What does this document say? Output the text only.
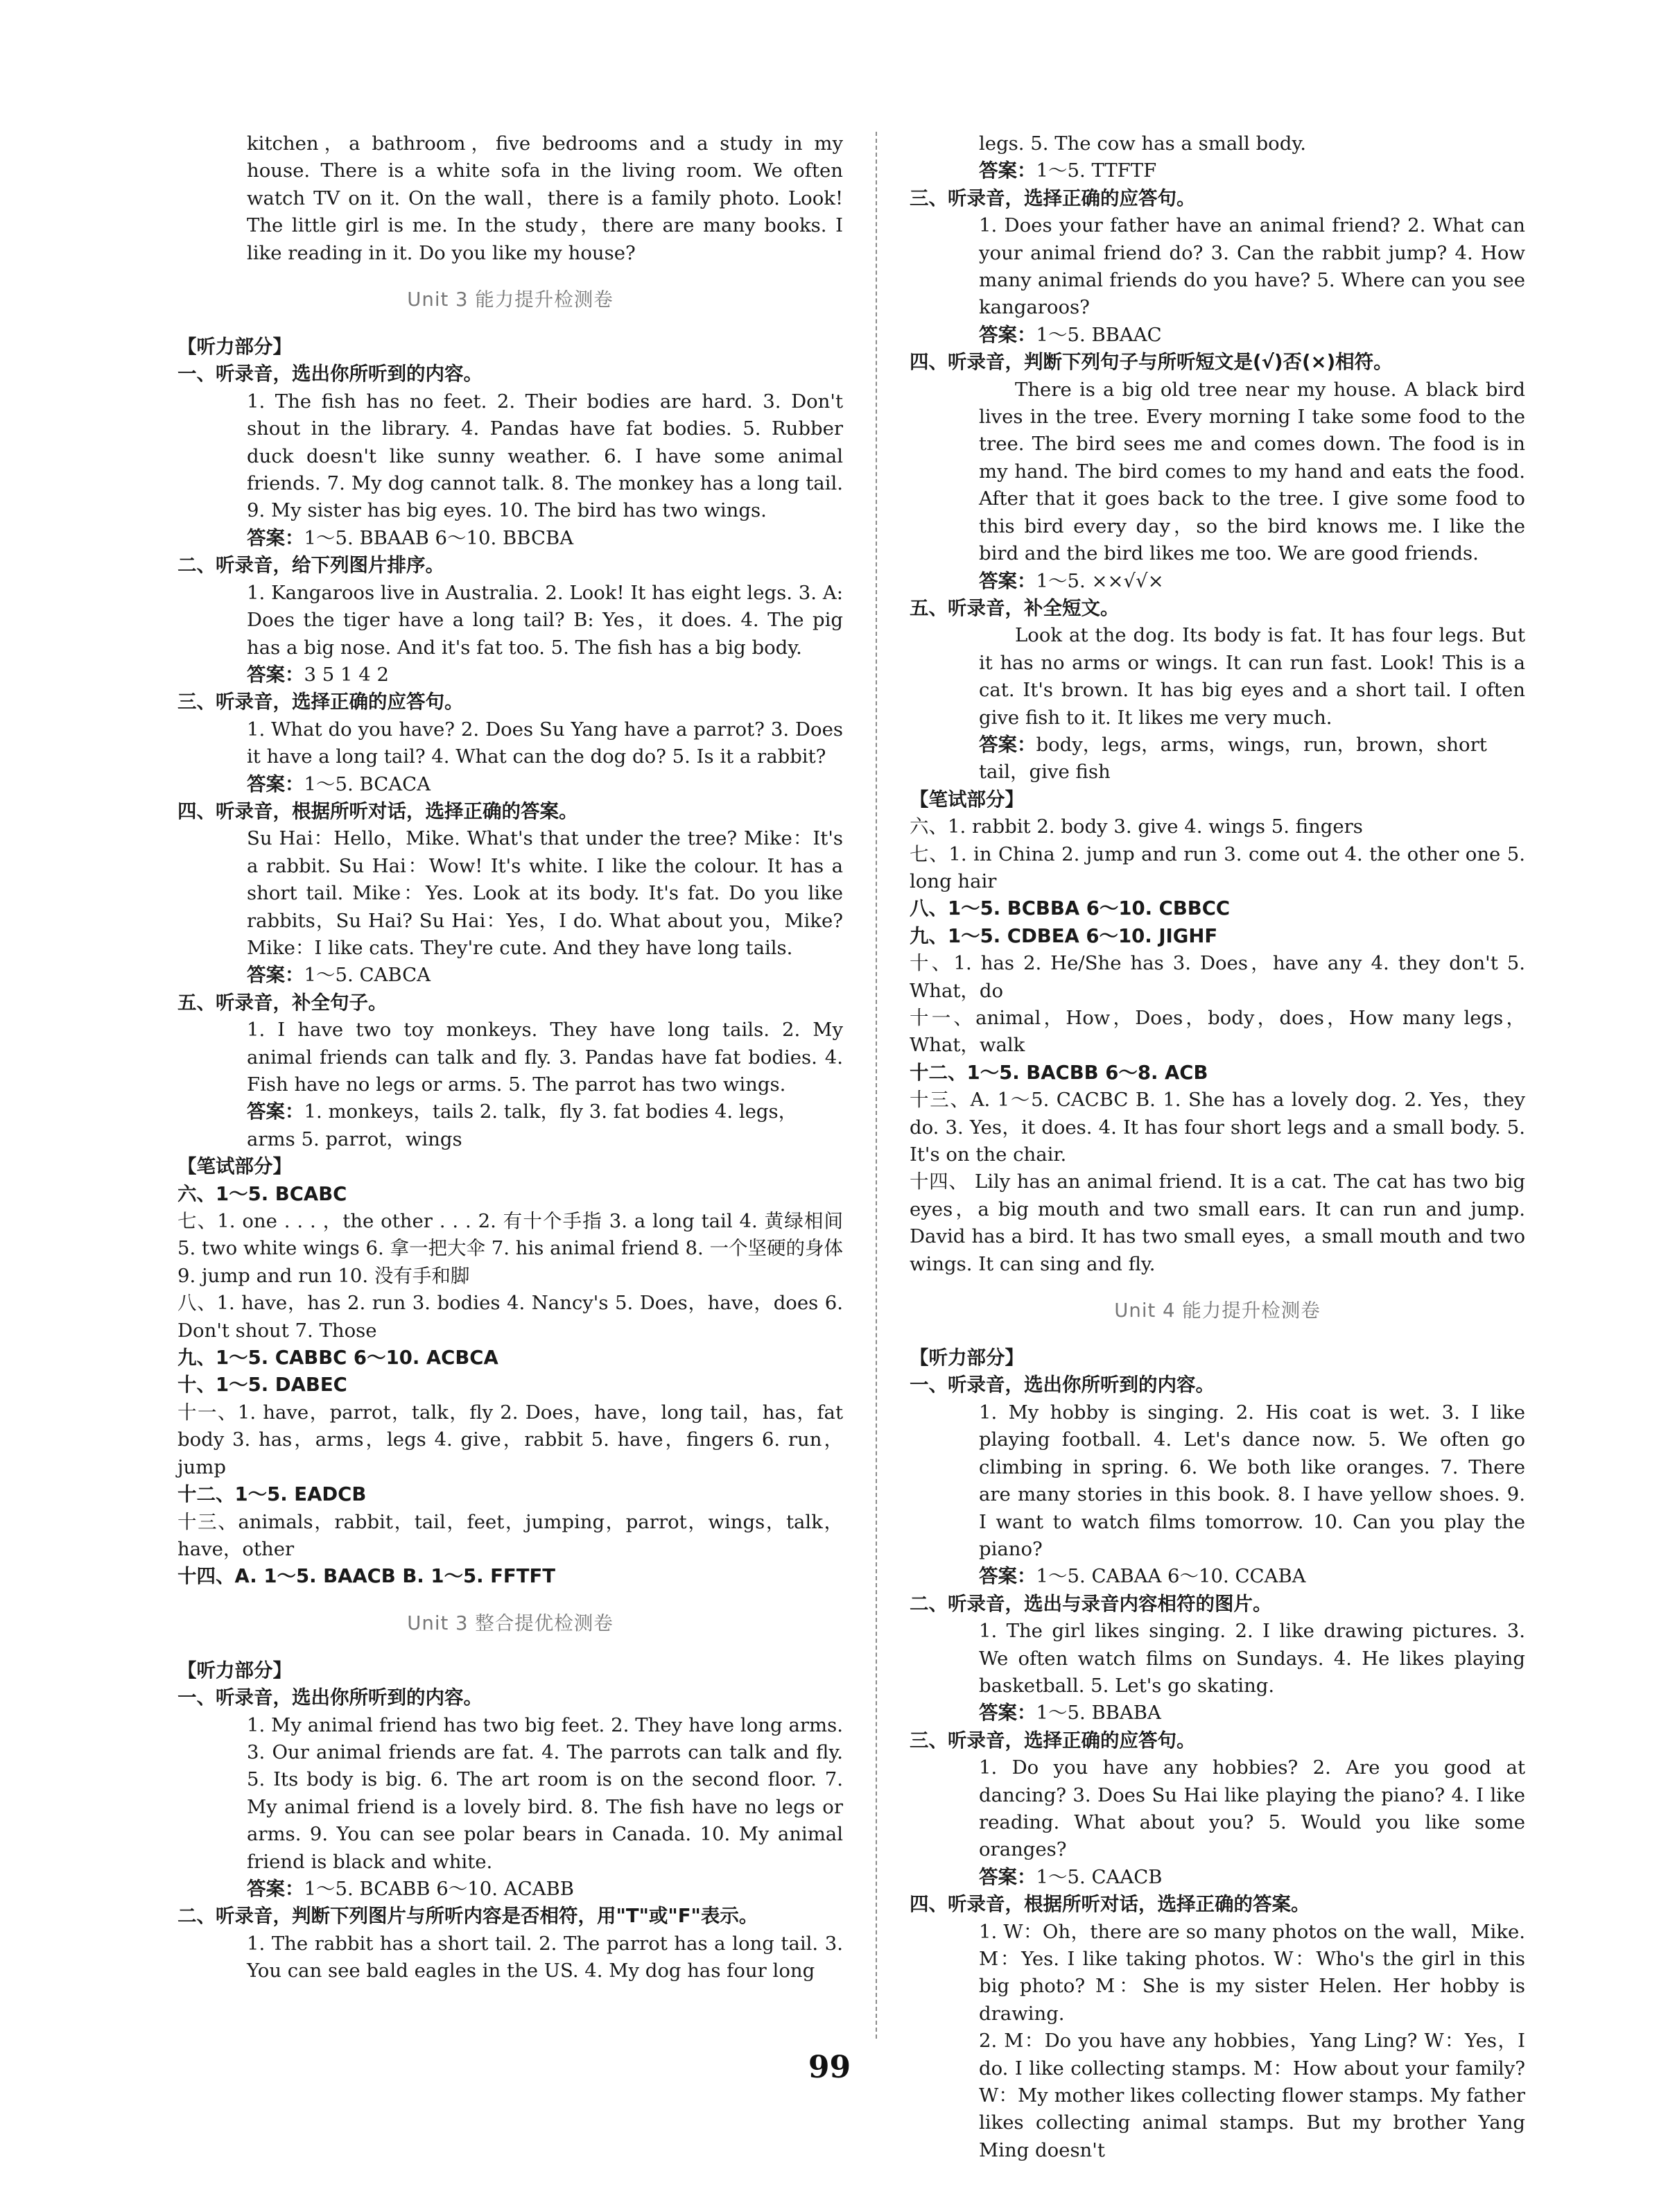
kitchen，a bathroom，five bedrooms and a study in my house. There is a white sofa in the living room. We often watch TV on it. On the wall，there is a family photo. Look! The little girl is me. In the study，there are many books. I like reading in it. Do you like my house?

Unit 3 能力提升检测卷

【听力部分】

一、听录音，选出你所听到的内容。

1. The fish has no feet. 2. Their bodies are hard. 3. Don't shout in the library. 4. Pandas have fat bodies. 5. Rubber duck doesn't like sunny weather. 6. I have some animal friends. 7. My dog cannot talk. 8. The monkey has a long tail. 9. My sister has big eyes. 10. The bird has two wings.

答案：1～5. BBAAB 6～10. BBCBA

二、听录音，给下列图片排序。

1. Kangaroos live in Australia. 2. Look! It has eight legs. 3. A: Does the tiger have a long tail? B: Yes，it does. 4. The pig has a big nose. And it's fat too. 5. The fish has a big body.

答案：3 5 1 4 2

三、听录音，选择正确的应答句。

1. What do you have? 2. Does Su Yang have a parrot? 3. Does it have a long tail? 4. What can the dog do? 5. Is it a rabbit?

答案：1～5. BCACA

四、听录音，根据所听对话，选择正确的答案。

Su Hai：Hello，Mike. What's that under the tree? Mike：It's a rabbit. Su Hai：Wow! It's white. I like the colour. It has a short tail. Mike：Yes. Look at its body. It's fat. Do you like rabbits，Su Hai? Su Hai：Yes，I do. What about you，Mike? Mike：I like cats. They're cute. And they have long tails.

答案：1～5. CABCA

五、听录音，补全句子。

1. I have two toy monkeys. They have long tails. 2. My animal friends can talk and fly. 3. Pandas have fat bodies. 4. Fish have no legs or arms. 5. The parrot has two wings.

答案：1. monkeys，tails 2. talk，fly 3. fat bodies 4. legs，arms 5. parrot，wings

【笔试部分】

六、1～5. BCABC

七、1. one . . . ，the other . . . 2. 有十个手指 3. a long tail 4. 黄绿相间 5. two white wings 6. 拿一把大伞 7. his animal friend 8. 一个坚硬的身体 9. jump and run 10. 没有手和脚

八、1. have，has 2. run 3. bodies 4. Nancy's 5. Does，have，does 6. Don't shout 7. Those

九、1～5. CABBC 6～10. ACBCA

十、1～5. DABEC

十一、1. have，parrot，talk，fly 2. Does，have，long tail，has，fat body 3. has，arms，legs 4. give，rabbit 5. have，fingers 6. run，jump

十二、1～5. EADCB

十三、animals，rabbit，tail，feet，jumping，parrot，wings，talk，have，other

十四、A. 1～5. BAACB B. 1～5. FFTFT

Unit 3 整合提优检测卷

【听力部分】

一、听录音，选出你所听到的内容。

1. My animal friend has two big feet. 2. They have long arms. 3. Our animal friends are fat. 4. The parrots can talk and fly. 5. Its body is big. 6. The art room is on the second floor. 7. My animal friend is a lovely bird. 8. The fish have no legs or arms. 9. You can see polar bears in Canada. 10. My animal friend is black and white.

答案：1～5. BCABB 6～10. ACABB

二、听录音，判断下列图片与所听内容是否相符，用"T"或"F"表示。

1. The rabbit has a short tail. 2. The parrot has a long tail. 3. You can see bald eagles in the US. 4. My dog has four long

legs. 5. The cow has a small body.

答案：1～5. TTFTF

三、听录音，选择正确的应答句。

1. Does your father have an animal friend? 2. What can your animal friend do? 3. Can the rabbit jump? 4. How many animal friends do you have? 5. Where can you see kangaroos?

答案：1～5. BBAAC

四、听录音，判断下列句子与所听短文是(√)否(×)相符。

There is a big old tree near my house. A black bird lives in the tree. Every morning I take some food to the tree. The bird sees me and comes down. The food is in my hand. The bird comes to my hand and eats the food. After that it goes back to the tree. I give some food to this bird every day，so the bird knows me. I like the bird and the bird likes me too. We are good friends.

答案：1～5. ××√√×

五、听录音，补全短文。

Look at the dog. Its body is fat. It has four legs. But it has no arms or wings. It can run fast. Look! This is a cat. It's brown. It has big eyes and a short tail. I often give fish to it. It likes me very much.

答案：body，legs，arms，wings，run，brown，short tail，give fish

【笔试部分】

六、1. rabbit 2. body 3. give 4. wings 5. fingers

七、1. in China 2. jump and run 3. come out 4. the other one 5. long hair

八、1～5. BCBBA 6～10. CBBCC

九、1～5. CDBEA 6～10. JIGHF

十、1. has 2. He/She has 3. Does，have any 4. they don't 5. What，do

十一、animal，How，Does，body，does，How many legs，What，walk

十二、1～5. BACBB 6～8. ACB

十三、A. 1～5. CACBC B. 1. She has a lovely dog. 2. Yes，they do. 3. Yes，it does. 4. It has four short legs and a small body. 5. It's on the chair.

十四、 Lily has an animal friend. It is a cat. The cat has two big eyes，a big mouth and two small ears. It can run and jump. David has a bird. It has two small eyes，a small mouth and two wings. It can sing and fly.

Unit 4 能力提升检测卷

【听力部分】

一、听录音，选出你所听到的内容。

1. My hobby is singing. 2. His coat is wet. 3. I like playing football. 4. Let's dance now. 5. We often go climbing in spring. 6. We both like oranges. 7. There are many stories in this book. 8. I have yellow shoes. 9. I want to watch films tomorrow. 10. Can you play the piano?

答案：1～5. CABAA 6～10. CCABA

二、听录音，选出与录音内容相符的图片。

1. The girl likes singing. 2. I like drawing pictures. 3. We often watch films on Sundays. 4. He likes playing basketball. 5. Let's go skating.

答案：1～5. BBABA

三、听录音，选择正确的应答句。

1. Do you have any hobbies? 2. Are you good at dancing? 3. Does Su Hai like playing the piano? 4. I like reading. What about you? 5. Would you like some oranges?

答案：1～5. CAACB

四、听录音，根据所听对话，选择正确的答案。

1. W：Oh，there are so many photos on the wall，Mike. M：Yes. I like taking photos. W：Who's the girl in this big photo? M：She is my sister Helen. Her hobby is drawing.

2. M：Do you have any hobbies，Yang Ling? W：Yes，I do. I like collecting stamps. M：How about your family? W：My mother likes collecting flower stamps. My father likes collecting animal stamps. But my brother Yang Ming doesn't

99
